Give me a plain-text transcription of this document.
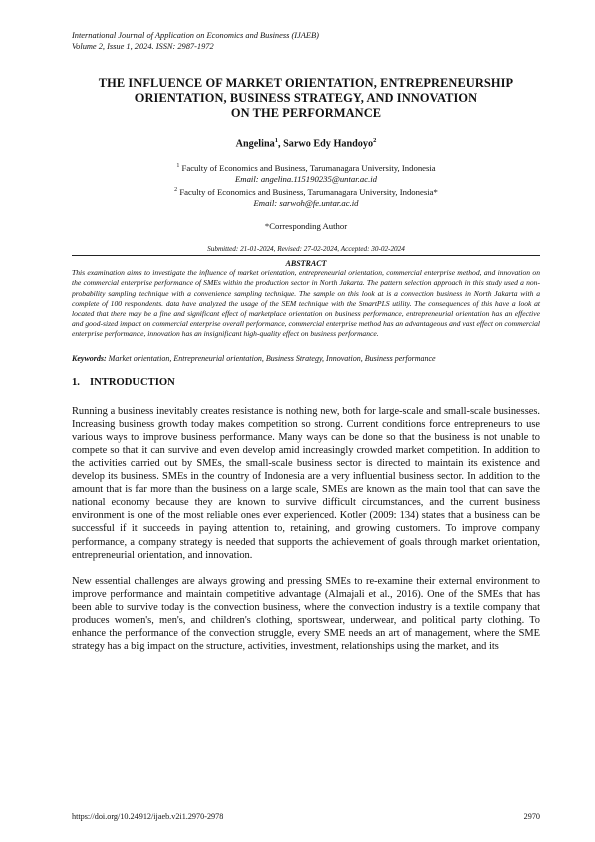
International Journal of Application on Economics and Business (IJAEB)
Volume 2, Issue 1, 2024. ISSN: 2987-1972

THE INFLUENCE OF MARKET ORIENTATION, ENTREPRENEURSHIP
ORIENTATION, BUSINESS STRATEGY, AND INNOVATION
ON THE PERFORMANCE
Angelina$^1$, Sarwo Edy Handoyo$^2$
$^1$ Faculty of Economics and Business, Tarumanagara University, Indonesia
Email: angelina.115190235@untar.ac.id
$^2$ Faculty of Economics and Business, Tarumanagara University, Indonesia*
Email: sarwoh@fe.untar.ac.id
*Corresponding Author
Submitted: 21-01-2024, Revised: 27-02-2024, Accepted: 30-02-2024
ABSTRACT

This examination aims to investigate the influence of market orientation, entrepreneurial orientation, commercial enterprise method, and innovation on the commercial enterprise performance of SMEs within the production sector in North Jakarta. The pattern selection approach in this study used a non-probability sampling technique with a convenience sampling technique. The sample on this look at is a convection business in North Jakarta with a complete of 100 respondents. data have analyzed the usage of the SEM technique with the SmartPLS utility. The consequences of this have a look at located that there may be a fine and significant effect of marketplace orientation on business performance, entrepreneurial orientation has an effective and good-sized impact on commercial enterprise overall performance, commercial enterprise method has an advantageous and vast effect on commercial enterprise performance, innovation has an insignificant high-quality effect on business performance.

Keywords: Market orientation, Entrepreneurial orientation, Business Strategy, Innovation, Business performance
1. INTRODUCTION

Running a business inevitably creates resistance is nothing new, both for large-scale and small-scale businesses. Increasing business growth today makes competition so strong. Current conditions force entrepreneurs to use various ways to improve business performance. Many ways can be done so that the business is not unable to compete so that it can survive and even develop amid increasingly crowded market competition. In addition to the activities carried out by SMEs, the small-scale business sector is directed to maintain its existence and develop its business. SMEs in the country of Indonesia are a very influential business sector. In addition to the amount that is far more than the business on a large scale, SMEs are known as the main tool that can save the national economy because they are known to survive difficult circumstances, and the current business environment is one of the most reliable ones ever experienced. Kotler (2009: 134) states that a business can be successful if it succeeds in paying attention to, retaining, and growing customers. To improve company performance, a company strategy is needed that supports the achievement of goals through market orientation, entrepreneurial orientation, and innovation.

New essential challenges are always growing and pressing SMEs to re-examine their external environment to improve performance and maintain competitive advantage (Almajali et al., 2016). One of the SMEs that has been able to survive today is the convection business, where the convection industry is a textile company that produces women's, men's, and children's clothing, sportswear, underwear, and political party clothing. To enhance the performance of the convection struggle, every SME needs an art of management, where the SME strategy has a big impact on the structure, activities, investment, relationships using the market, and its

https://doi.org/10.24912/ijaeb.v2i1.2970-2978	2970
